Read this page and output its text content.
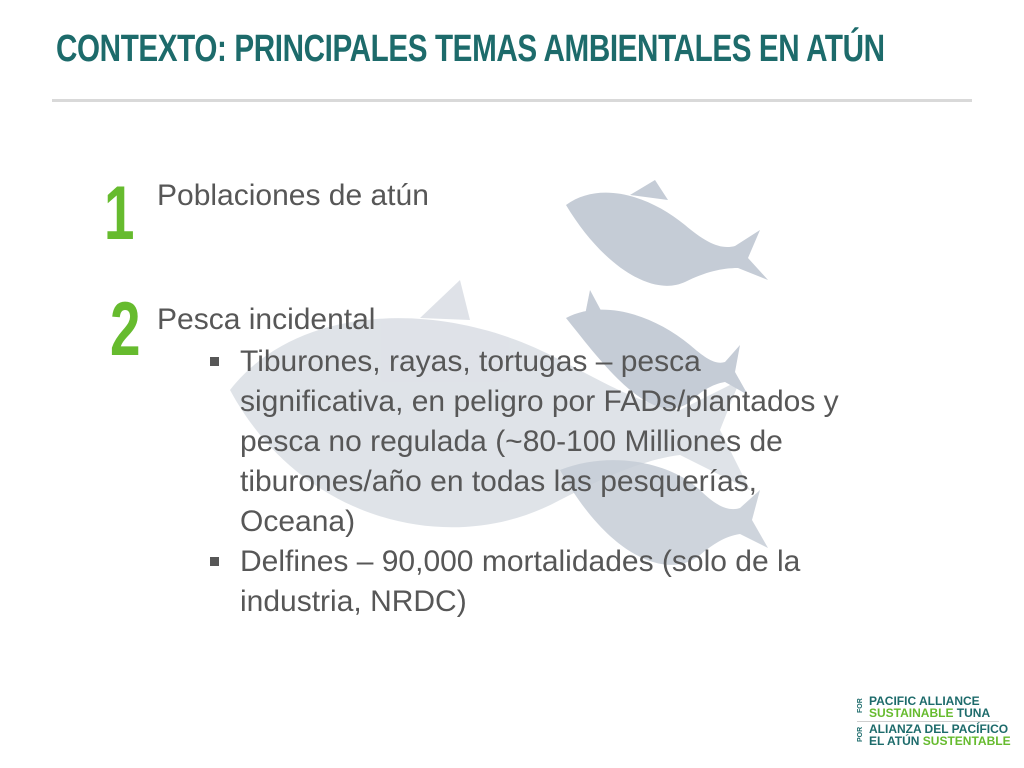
CONTEXTO: PRINCIPALES TEMAS AMBIENTALES EN ATÚN
1 Poblaciones de atún
2 Pesca incidental
Tiburones, rayas, tortugas – pesca significativa, en peligro por FADs/plantados y pesca no regulada (~80-100 Milliones de tiburones/año en todas las pesquerías, Oceana)
Delfines – 90,000 mortalidades (solo de la industria, NRDC)
FOR PACIFIC ALLIANCE
SUSTAINABLE TUNA
POR ALIANZA DEL PACÍFICO
EL ATÚN SUSTENTABLE
